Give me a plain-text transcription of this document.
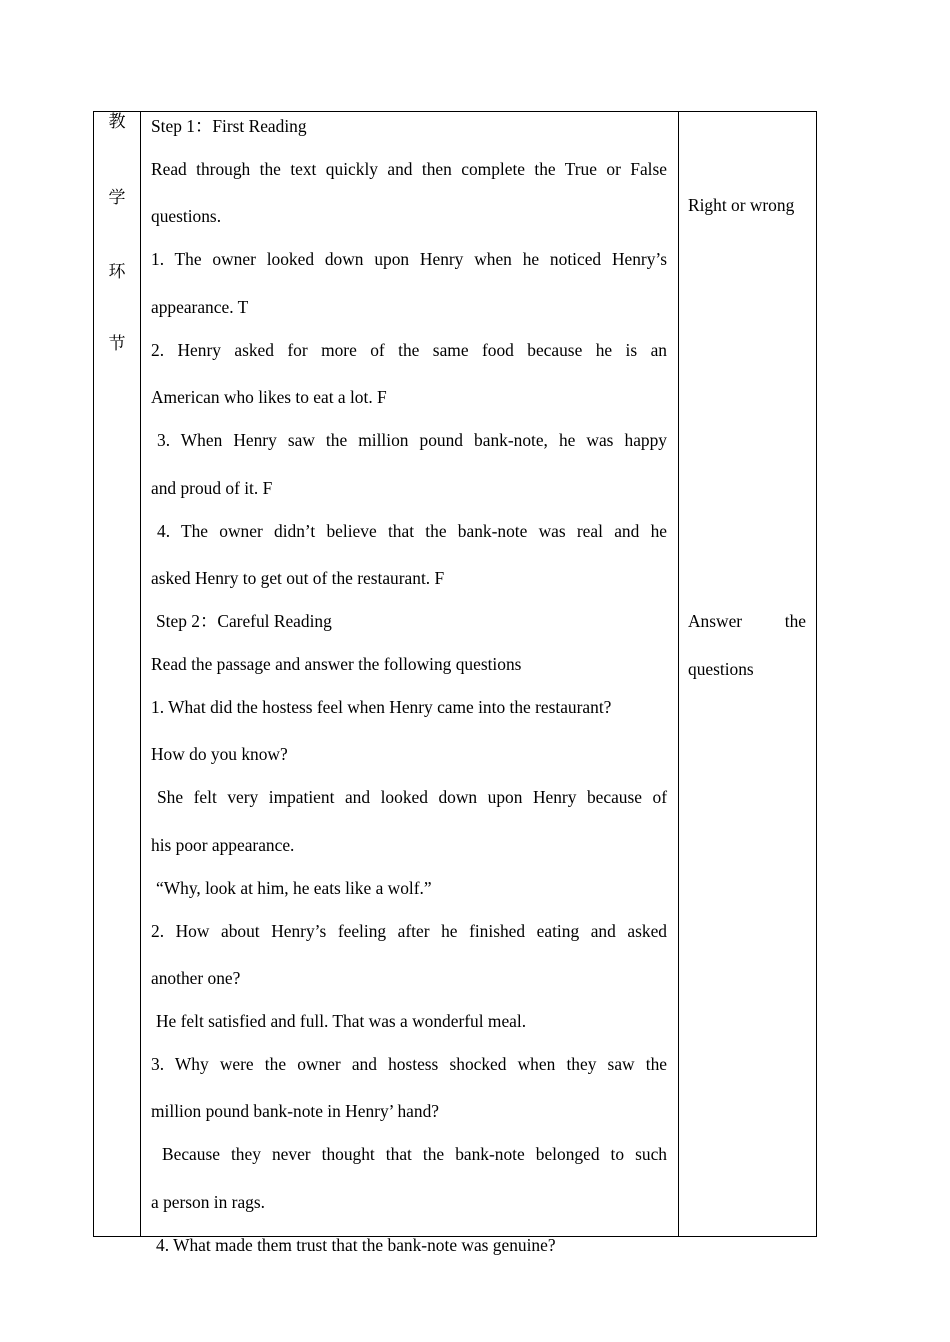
教
学
环
节
Right or wrong
Answer the
questions
Step 1：First Reading
Read through the text quickly and then complete the True or False
questions.
1. The owner looked down upon Henry when he noticed Henry’s
appearance. T
2. Henry asked for more of the same food because he is an
American who likes to eat a lot. F
3. When Henry saw the million pound bank-note, he was happy
and proud of it. F
4. The owner didn’t believe that the bank-note was real and he
asked Henry to get out of the restaurant. F
Step 2：Careful Reading
Read the passage and answer the following questions
1. What did the hostess feel when Henry came into the restaurant?
How do you know?
She felt very impatient and looked down upon Henry because of
his poor appearance.
“Why, look at him, he eats like a wolf.”
2. How about Henry’s feeling after he finished eating and asked
another one?
He felt satisfied and full. That was a wonderful meal.
3. Why were the owner and hostess shocked when they saw the
million pound bank-note in Henry’ hand?
Because they never thought that the bank-note belonged to such
a person in rags.
4. What made them trust that the bank-note was genuine?
